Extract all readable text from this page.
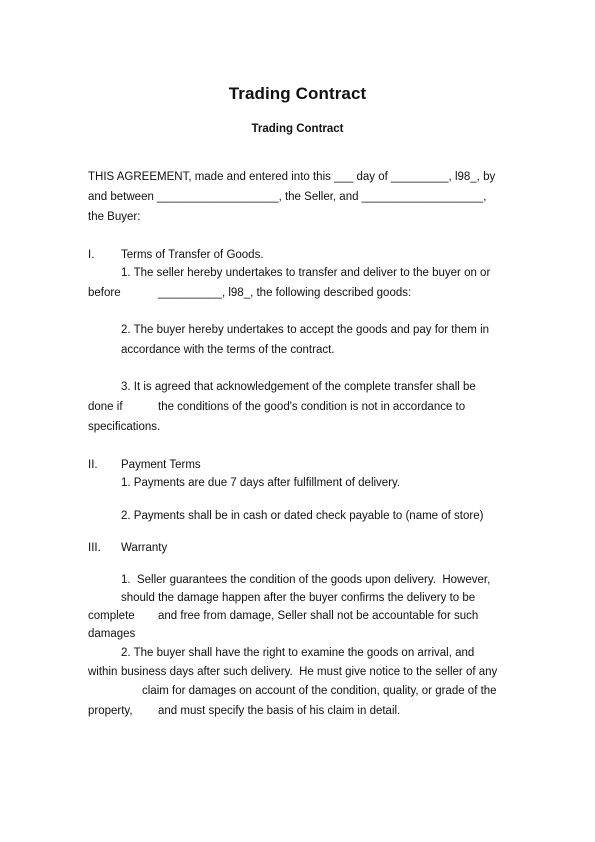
Trading Contract
Trading Contract
THIS AGREEMENT, made and entered into this ___ day of _________, l98_, by
and between ___________________, the Seller, and ___________________,
the Buyer:
I. Terms of Transfer of Goods.
1. The seller hereby undertakes to transfer and deliver to the buyer on or
before	__________, l98_, the following described goods:
2. The buyer hereby undertakes to accept the goods and pay for them in
accordance with the terms of the contract.
3. It is agreed that acknowledgement of the complete transfer shall be
done if	the conditions of the good's condition is not in accordance to
specifications.
II. Payment Terms
1. Payments are due 7 days after fulfillment of delivery.
2. Payments shall be in cash or dated check payable to (name of store)
III. Warranty
1.  Seller guarantees the condition of the goods upon delivery.  However,
should the damage happen after the buyer confirms the delivery to be
complete and free from damage, Seller shall not be accountable for such
damages
2. The buyer shall have the right to examine the goods on arrival, and
within business days after such delivery.  He must give notice to the seller of any
claim for damages on account of the condition, quality, or grade of the
property, and must specify the basis of his claim in detail.
